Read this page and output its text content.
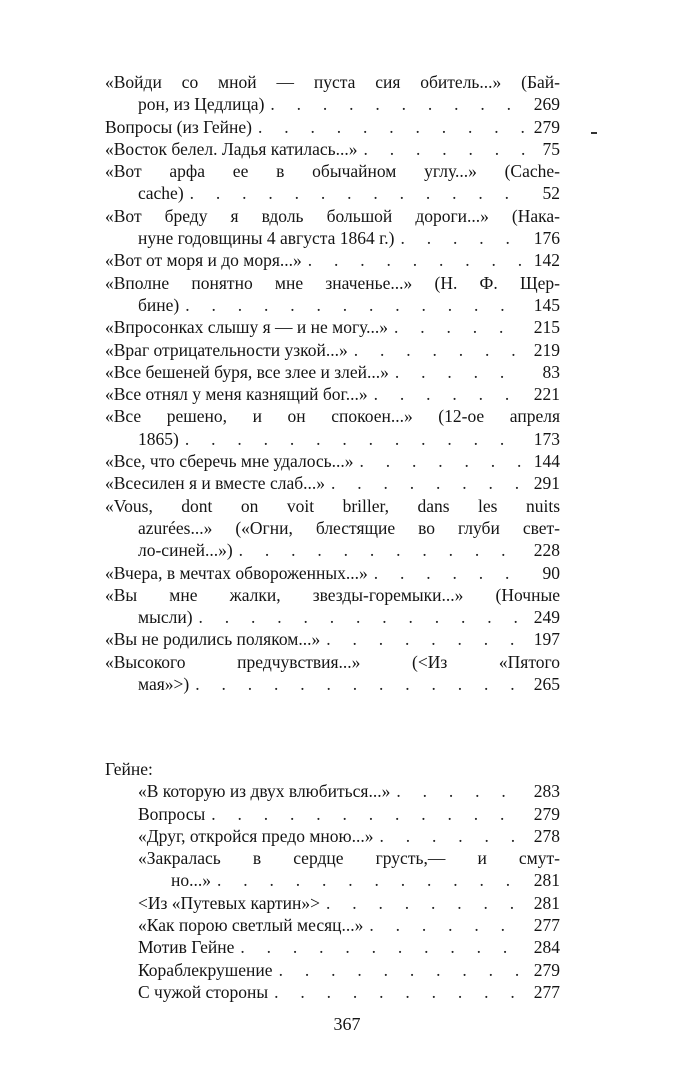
«Войди со мной — пуста сия обитель...» (Бай-
рон, из Цедлица) . . .	269
Вопросы (из Гейне) . . .	279
«Восток белел. Ладья катилась...» . . .	75
«Вот арфа ее в обычайном углу...» (Cache-
cache) . . .	52
«Вот бреду я вдоль большой дороги...» (Нака-
нуне годовщины 4 августа 1864 г.) . . .	176
«Вот от моря и до моря...» . . .	142
«Вполне понятно мне значенье...» (Н. Ф. Щер-
бине) . . .	145
«Впросонках слышу я — и не могу...» . . .	215
«Враг отрицательности узкой...» . . .	219
«Все бешеней буря, все злее и злей...» . . .	83
«Все отнял у меня казнящий бог...» . . .	221
«Все решено, и он спокоен...» (12-ое апреля
1865) . . .	173
«Все, что сберечь мне удалось...» . . .	144
«Всесилен я и вместе слаб...» . . .	291
«Vous, dont on voit briller, dans les nuits
azurées...» («Огни, блестящие во глуби свет-
ло-синей...») . . .	228
«Вчера, в мечтах обвороженных...» . . .	90
«Вы мне жалки, звезды-горемыки...» (Ночные
мысли) . . .	249
«Вы не родились поляком...» . . .	197
«Высокого предчувствия...» (<Из «Пятого
мая»>) . . .	265
Гейне:
«В которую из двух влюбиться...» . . .	283
Вопросы . . .	279
«Друг, откройся предо мною...» . . .	278
«Закралась в сердце грусть,— и смут-
но...» . . .	281
<Из «Путевых картин»> . . .	281
«Как порою светлый месяц...» . . .	277
Мотив Гейне . . .	284
Кораблекрушение . . .	279
С чужой стороны . . .	277
367
